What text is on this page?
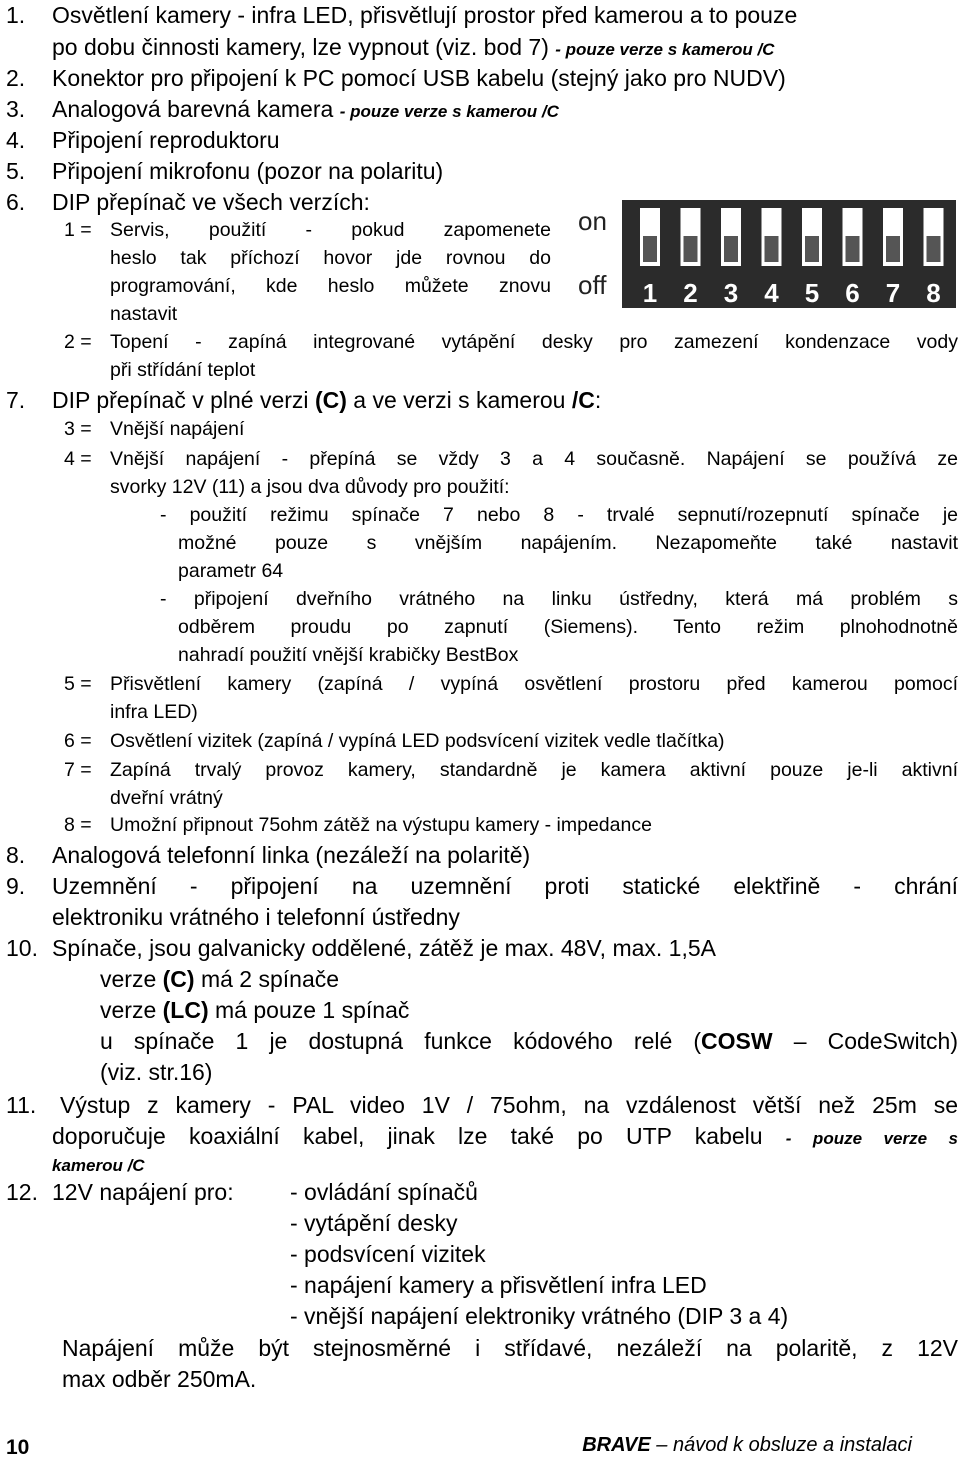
1. Osvětlení kamery - infra LED, přisvětlují prostor před kamerou a to pouze
po dobu činnosti kamery, lze vypnout (viz. bod 7) - pouze verze s kamerou /C
2. Konektor pro připojení k PC pomocí USB kabelu (stejný jako pro NUDV)
3. Analogová barevná kamera - pouze verze s kamerou /C
4. Připojení reproduktoru
5. Připojení mikrofonu (pozor na polaritu)
6. DIP přepínač ve všech verzích:
1 = Servis, použití - pokud zapomenete
heslo tak příchozí hovor jde rovnou do
programování, kde heslo můžete znovu
nastavit
2 = Topení - zapíná integrované vytápění desky pro zamezení kondenzace vody
při střídání teplot
on
off 1 2 3 4 5 6 7 8
7. DIP přepínač v plné verzi (C) a ve verzi s kamerou /C:
3 = Vnější napájení
4 = Vnější napájení - přepíná se vždy 3 a 4 současně. Napájení se používá ze
svorky 12V (11) a jsou dva důvody pro použití:
- použití režimu spínače 7 nebo 8 - trvalé sepnutí/rozepnutí spínače je
možné pouze s vnějším napájením. Nezapomeňte také nastavit
parametr 64
- připojení dveřního vrátného na linku ústředny, která má problém s
odběrem proudu po zapnutí (Siemens). Tento režim plnohodnotně
nahradí použití vnější krabičky BestBox
5 = Přisvětlení kamery (zapíná / vypíná osvětlení prostoru před kamerou pomocí
infra LED)
6 = Osvětlení vizitek (zapíná / vypíná LED podsvícení vizitek vedle tlačítka)
7 = Zapíná trvalý provoz kamery, standardně je kamera aktivní pouze je-li aktivní
dveřní vrátný
8 = Umožní připnout 75ohm zátěž na výstupu kamery - impedance
8. Analogová telefonní linka (nezáleží na polaritě)
9. Uzemnění - připojení na uzemnění proti statické elektřině - chrání
elektroniku vrátného i telefonní ústředny
10. Spínače, jsou galvanicky oddělené, zátěž je max. 48V, max. 1,5A
verze (C) má 2 spínače
verze (LC) má pouze 1 spínač
u spínače 1 je dostupná funkce kódového relé (COSW – CodeSwitch)
(viz. str.16)
11. Výstup z kamery - PAL video 1V / 75ohm, na vzdálenost větší než 25m se
doporučuje koaxiální kabel, jinak lze také po UTP kabelu - pouze verze s
kamerou /C
12. 12V napájení pro: - ovládání spínačů
- vytápění desky
- podsvícení vizitek
- napájení kamery a přisvětlení infra LED
- vnější napájení elektroniky vrátného (DIP 3 a 4)
Napájení může být stejnosměrné i střídavé, nezáleží na polaritě, z 12V
max odběr 250mA.
10	BRAVE – návod k obsluze a instalaci
